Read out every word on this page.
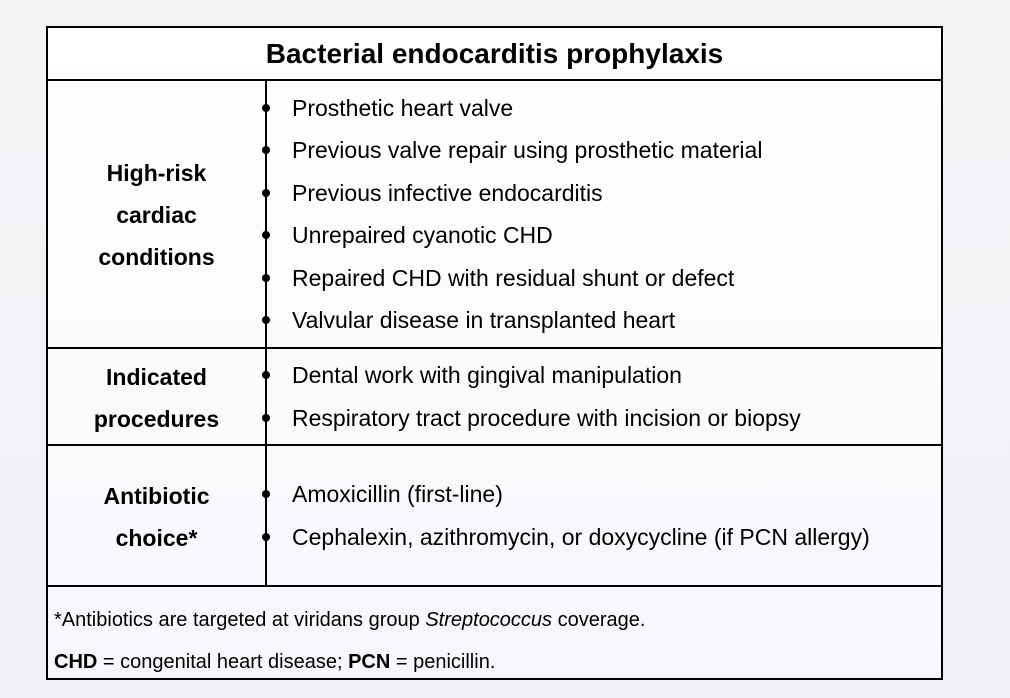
Bacterial endocarditis prophylaxis
High-risk
cardiac
conditions
Prosthetic heart valve
Previous valve repair using prosthetic material
Previous infective endocarditis
Unrepaired cyanotic CHD
Repaired CHD with residual shunt or defect
Valvular disease in transplanted heart
Indicated
procedures
Dental work with gingival manipulation
Respiratory tract procedure with incision or biopsy
Antibiotic
choice*
Amoxicillin (first-line)
Cephalexin, azithromycin, or doxycycline (if PCN allergy)
*Antibiotics are targeted at viridans group Streptococcus coverage.
CHD = congenital heart disease; PCN = penicillin.
